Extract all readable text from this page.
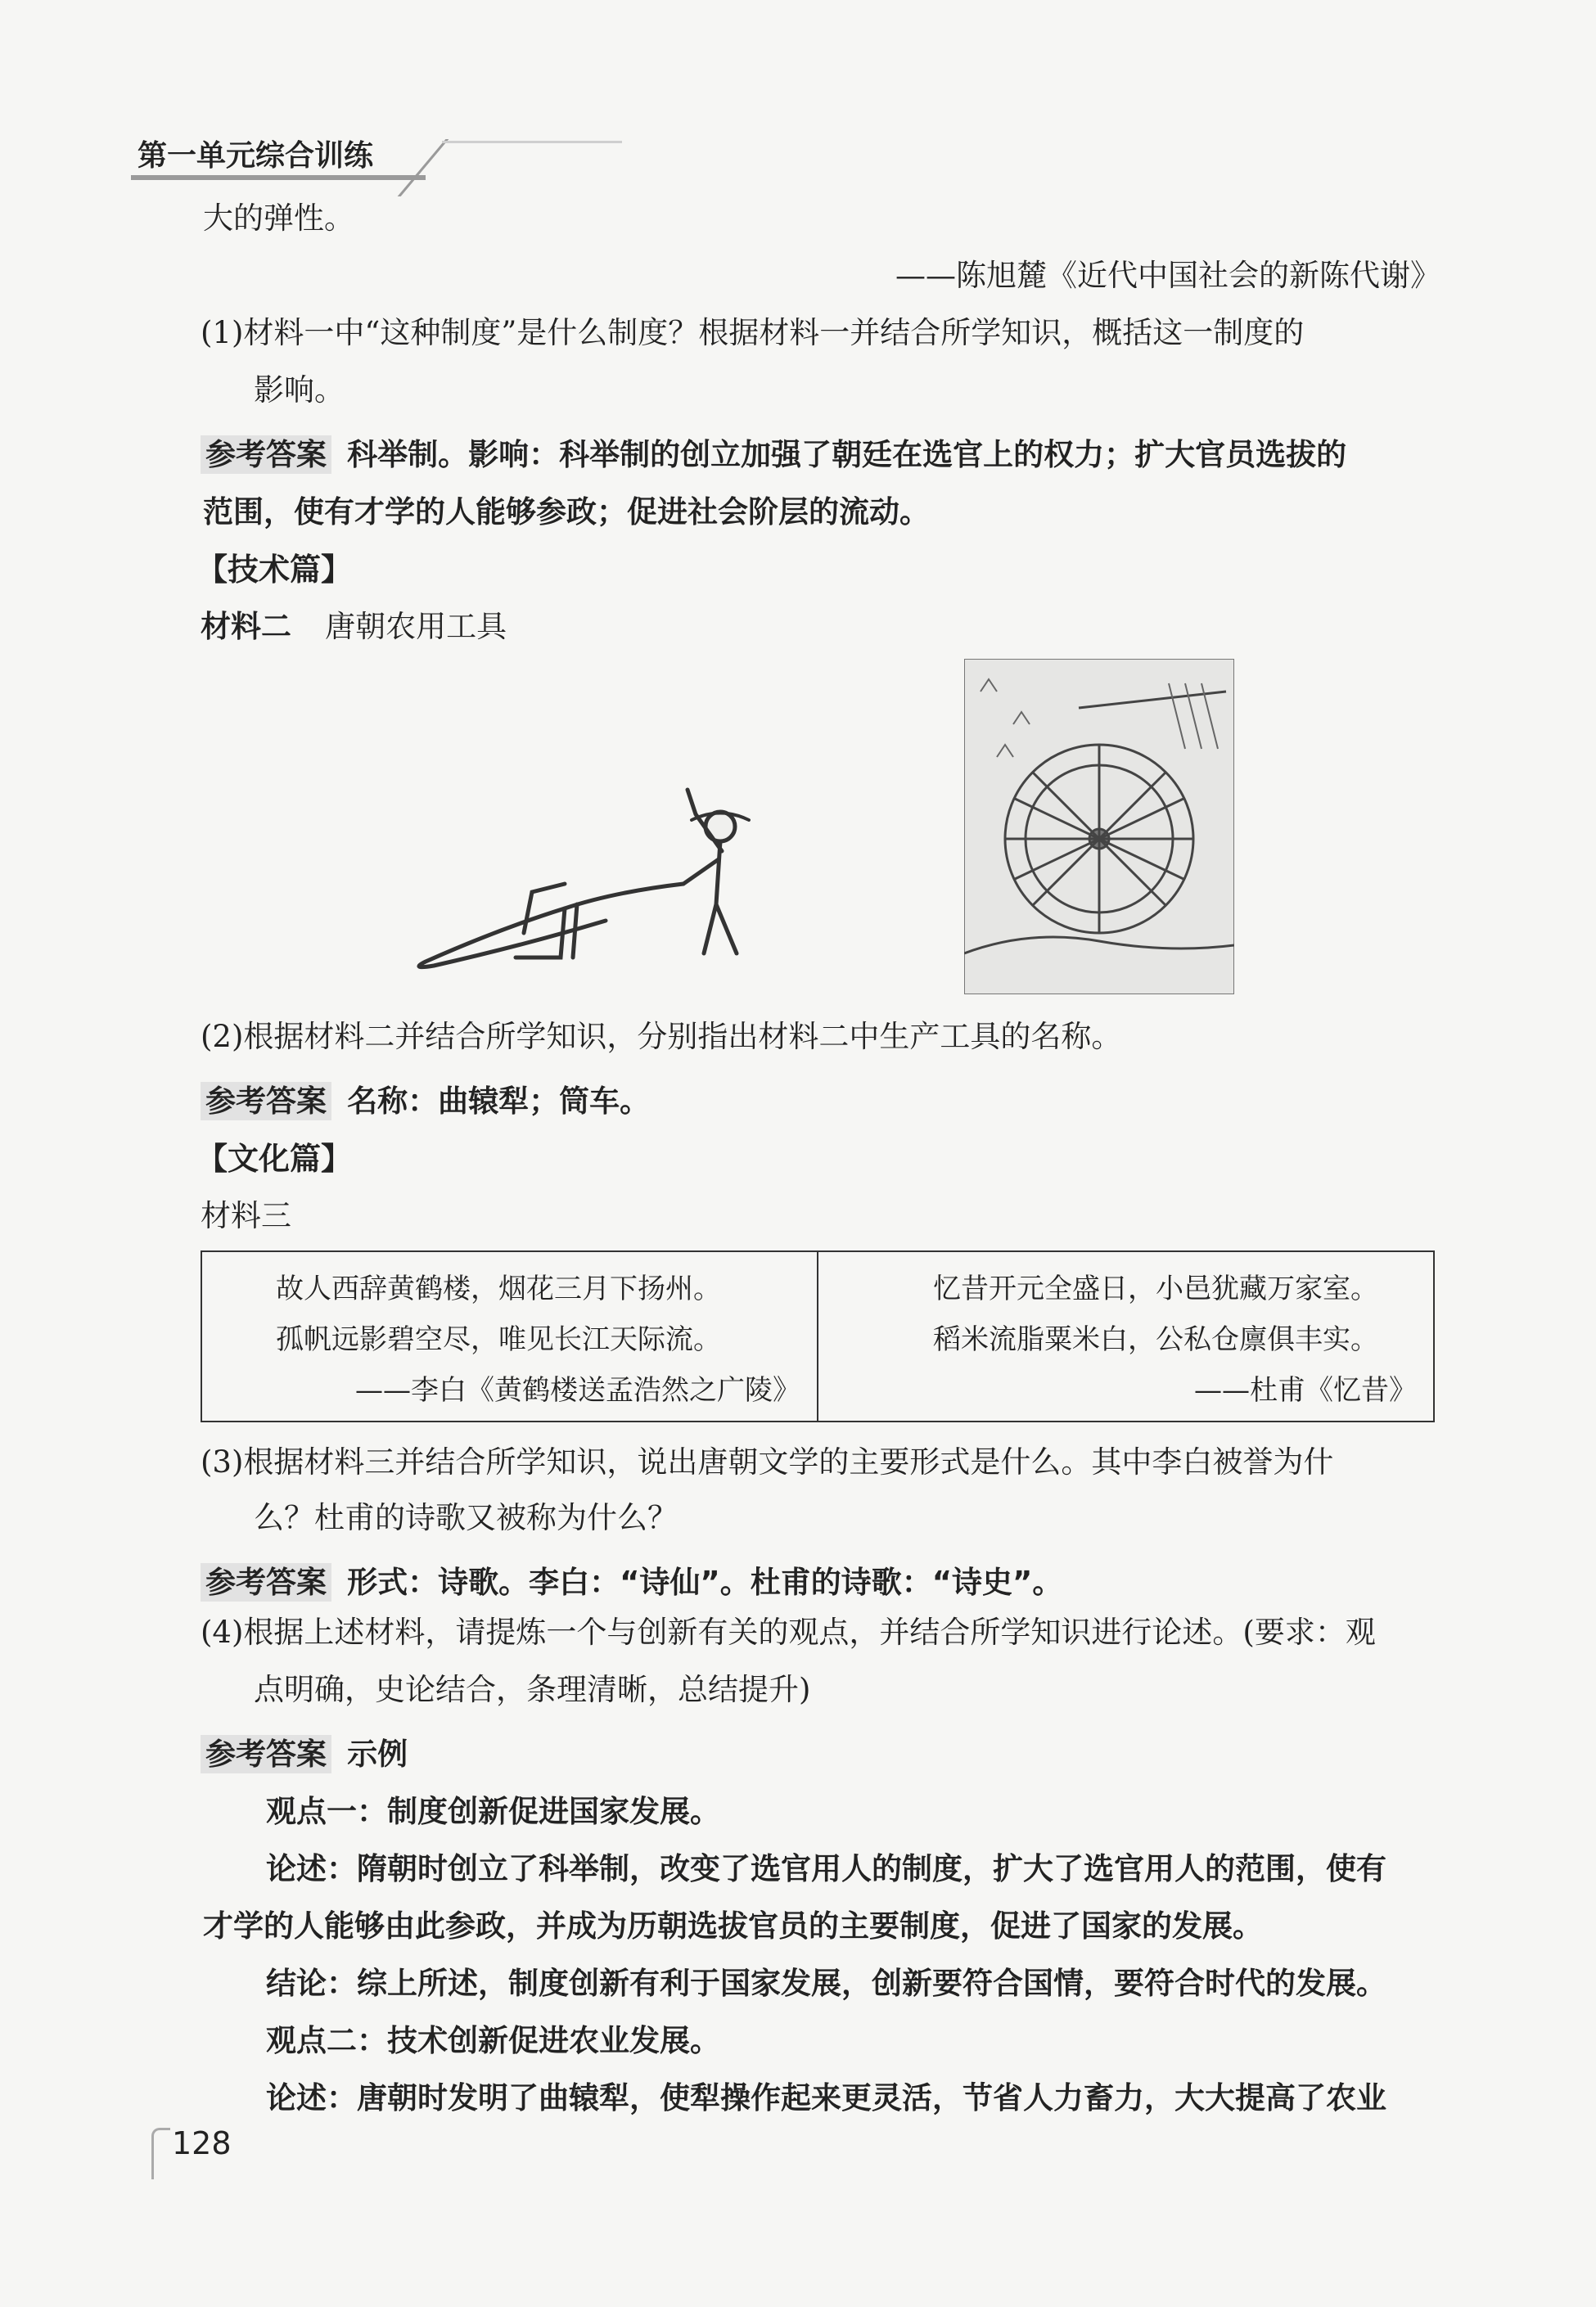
第一单元综合训练
大的弹性。
——陈旭麓《近代中国社会的新陈代谢》
(1)材料一中“这种制度”是什么制度？根据材料一并结合所学知识，概括这一制度的
影响。
参考答案 科举制。影响：科举制的创立加强了朝廷在选官上的权力；扩大官员选拔的
范围，使有才学的人能够参政；促进社会阶层的流动。
【技术篇】
材料二 唐朝农用工具
(2)根据材料二并结合所学知识，分别指出材料二中生产工具的名称。
参考答案 名称：曲辕犁；筒车。
【文化篇】
材料三
故人西辞黄鹤楼，烟花三月下扬州。
孤帆远影碧空尽，唯见长江天际流。
——李白《黄鹤楼送孟浩然之广陵》
忆昔开元全盛日，小邑犹藏万家室。
稻米流脂粟米白，公私仓廪俱丰实。
——杜甫《忆昔》
(3)根据材料三并结合所学知识，说出唐朝文学的主要形式是什么。其中李白被誉为什
么？杜甫的诗歌又被称为什么？
参考答案 形式：诗歌。李白：“诗仙”。杜甫的诗歌：“诗史”。
(4)根据上述材料，请提炼一个与创新有关的观点，并结合所学知识进行论述。(要求：观
点明确，史论结合，条理清晰，总结提升)
参考答案 示例
观点一：制度创新促进国家发展。
论述：隋朝时创立了科举制，改变了选官用人的制度，扩大了选官用人的范围，使有
才学的人能够由此参政，并成为历朝选拔官员的主要制度，促进了国家的发展。
结论：综上所述，制度创新有利于国家发展，创新要符合国情，要符合时代的发展。
观点二：技术创新促进农业发展。
论述：唐朝时发明了曲辕犁，使犁操作起来更灵活，节省人力畜力，大大提高了农业
128
